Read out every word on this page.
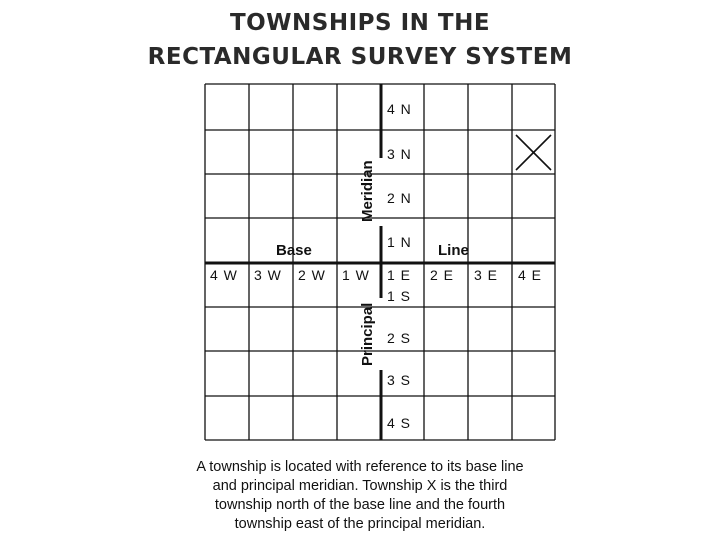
TOWNSHIPS IN THE
RECTANGULAR SURVEY SYSTEM
4 N
3 N
2 N
1 N
1 S
2 S
3 S
4 S
4 W 3 W 2 W 1 W 1 E 2 E 3 E 4 E
Meridian
Principal
Base	Line
A township is located with reference to its base line
and principal meridian. Township X is the third
township north of the base line and the fourth
township east of the principal meridian.
